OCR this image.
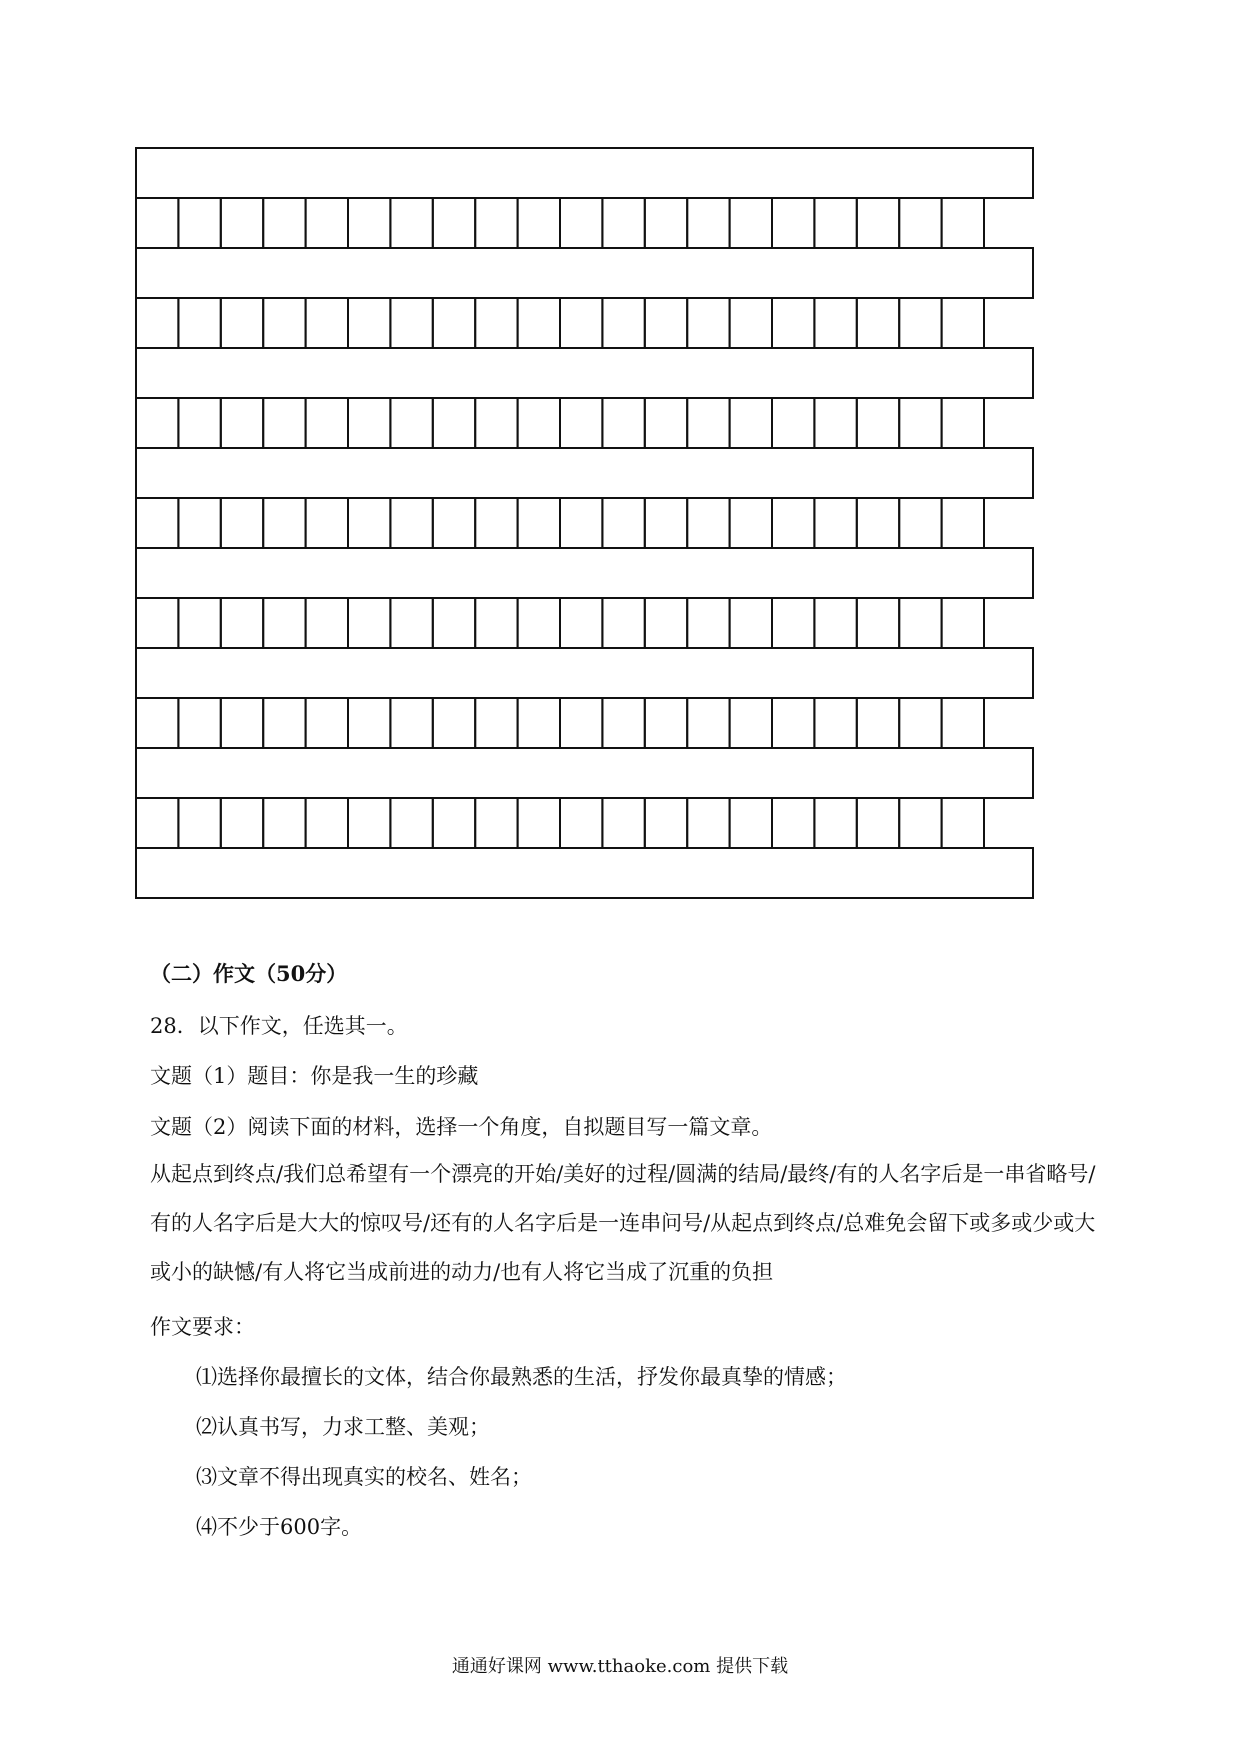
（二）作文（50分）
28．以下作文，任选其一。
文题（1）题目：你是我一生的珍藏
文题（2）阅读下面的材料，选择一个角度，自拟题目写一篇文章。
从起点到终点/我们总希望有一个漂亮的开始/美好的过程/圆满的结局/最终/有的人名字后是一串省略号/有的人名字后是大大的惊叹号/还有的人名字后是一连串问号/从起点到终点/总难免会留下或多或少或大或小的缺憾/有人将它当成前进的动力/也有人将它当成了沉重的负担
作文要求：
⑴选择你最擅长的文体，结合你最熟悉的生活，抒发你最真挚的情感；
⑵认真书写，力求工整、美观；
⑶文章不得出现真实的校名、姓名；
⑷不少于600字。
通通好课网 www.tthaoke.com 提供下载
